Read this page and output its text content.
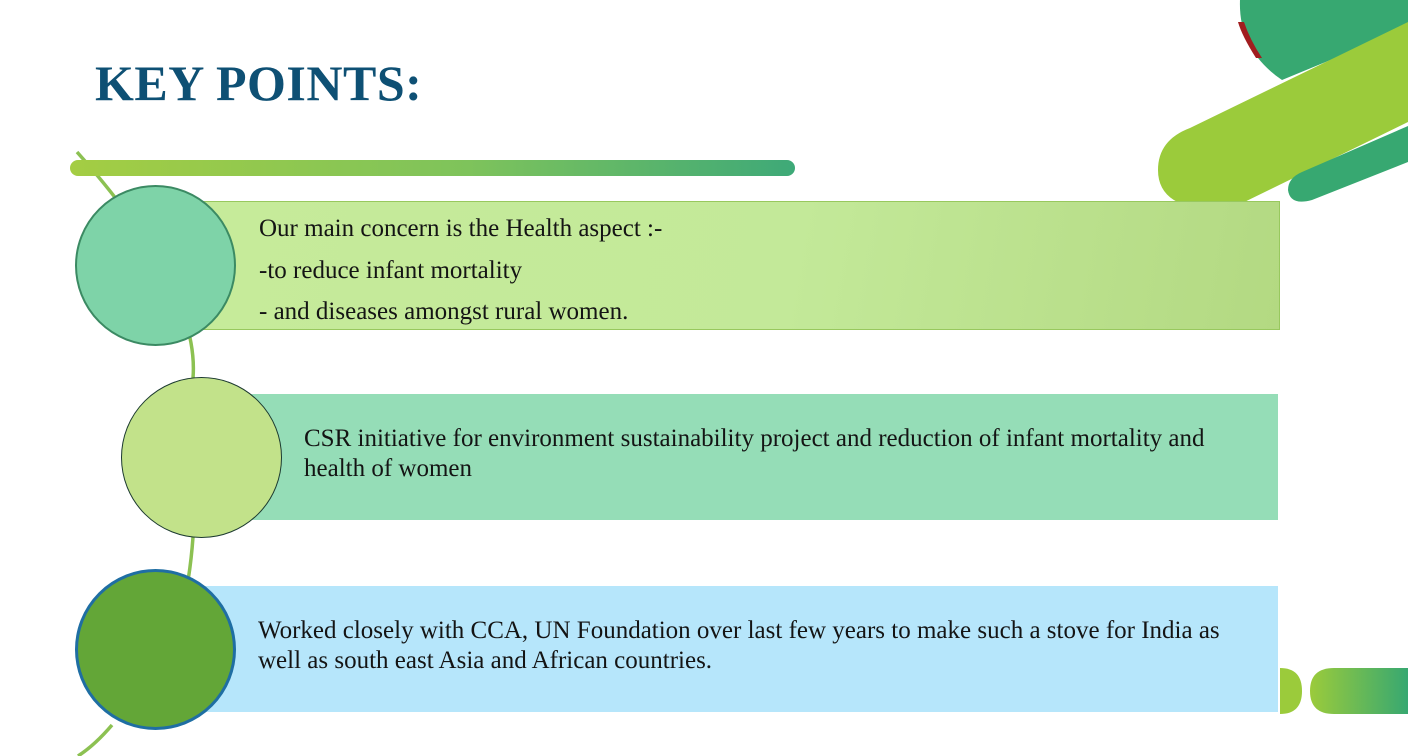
KEY POINTS:

Our main concern is the Health aspect :-

-to reduce infant mortality

- and diseases amongst rural women.

CSR initiative for environment sustainability project and reduction of infant mortality and health of women

Worked closely with CCA, UN Foundation over last few years to make such a stove for India as well as south east Asia and African countries.
